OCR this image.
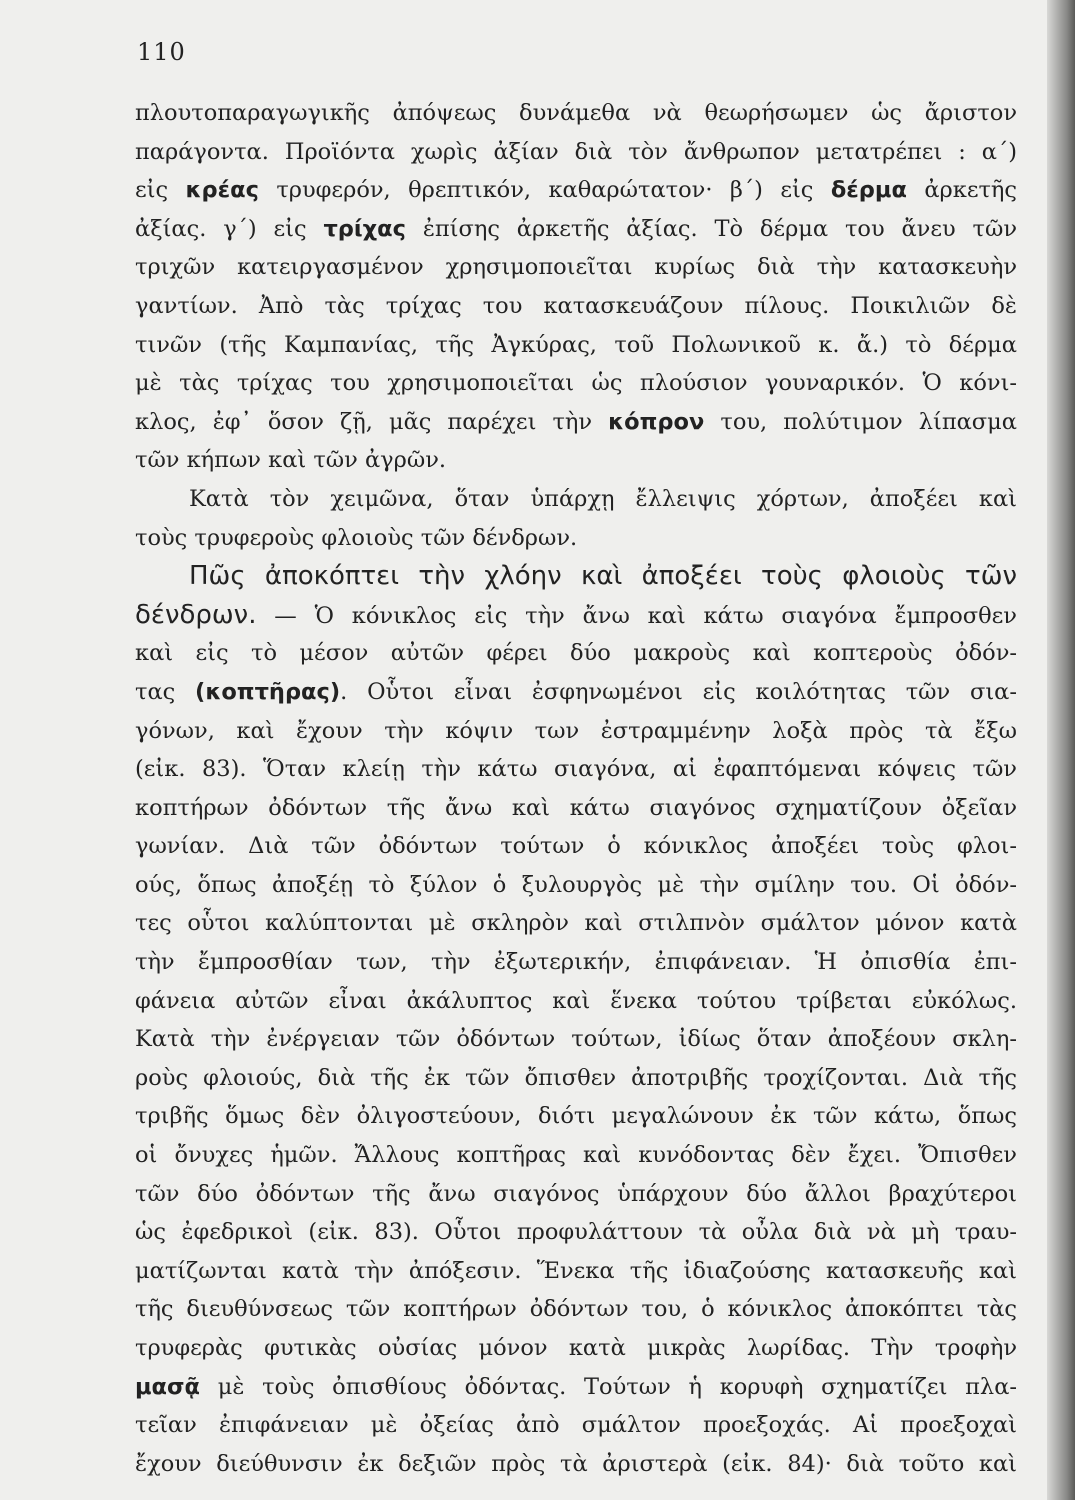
110
πλουτοπαραγωγικῆς ἀπόψεως δυνάμεθα νὰ θεωρήσωμεν ὡς ἄριστον
παράγοντα. Προϊόντα χωρὶς ἀξίαν διὰ τὸν ἄνθρωπον μετατρέπει : α΄)
εἰς κρέας τρυφερόν, θρεπτικόν, καθαρώτατον· β΄) εἰς δέρμα ἀρκετῆς
ἀξίας. γ΄) εἰς τρίχας ἐπίσης ἀρκετῆς ἀξίας. Τὸ δέρμα του ἄνευ τῶν
τριχῶν κατειργασμένον χρησιμοποιεῖται κυρίως διὰ τὴν κατασκευὴν
γαντίων. Ἀπὸ τὰς τρίχας του κατασκευάζουν πίλους. Ποικιλιῶν δὲ
τινῶν (τῆς Καμπανίας, τῆς Ἀγκύρας, τοῦ Πολωνικοῦ κ. ἄ.) τὸ δέρμα
μὲ τὰς τρίχας του χρησιμοποιεῖται ὡς πλούσιον γουναρικόν. Ὁ κόνι-
κλος, ἐφ᾽ ὅσον ζῇ, μᾶς παρέχει τὴν κόπρον του, πολύτιμον λίπασμα
τῶν κήπων καὶ τῶν ἀγρῶν.
Κατὰ τὸν χειμῶνα, ὅταν ὑπάρχῃ ἔλλειψις χόρτων, ἀποξέει καὶ
τοὺς τρυφεροὺς φλοιοὺς τῶν δένδρων.
Πῶς ἀποκόπτει τὴν χλόην καὶ ἀποξέει τοὺς φλοιοὺς τῶν
δένδρων. — Ὁ κόνικλος εἰς τὴν ἄνω καὶ κάτω σιαγόνα ἔμπροσθεν
καὶ εἰς τὸ μέσον αὐτῶν φέρει δύο μακροὺς καὶ κοπτεροὺς ὀδόν-
τας (κοπτῆρας). Οὗτοι εἶναι ἐσφηνωμένοι εἰς κοιλότητας τῶν σια-
γόνων, καὶ ἔχουν τὴν κόψιν των ἐστραμμένην λοξὰ πρὸς τὰ ἔξω
(εἰκ. 83). Ὅταν κλείῃ τὴν κάτω σιαγόνα, αἱ ἐφαπτόμεναι κόψεις τῶν
κοπτήρων ὀδόντων τῆς ἄνω καὶ κάτω σιαγόνος σχηματίζουν ὀξεῖαν
γωνίαν. Διὰ τῶν ὀδόντων τούτων ὁ κόνικλος ἀποξέει τοὺς φλοι-
ούς, ὅπως ἀποξέῃ τὸ ξύλον ὁ ξυλουργὸς μὲ τὴν σμίλην του. Οἱ ὀδόν-
τες οὗτοι καλύπτονται μὲ σκληρὸν καὶ στιλπνὸν σμάλτον μόνον κατὰ
τὴν ἔμπροσθίαν των, τὴν ἐξωτερικήν, ἐπιφάνειαν. Ἡ ὀπισθία ἐπι-
φάνεια αὐτῶν εἶναι ἀκάλυπτος καὶ ἕνεκα τούτου τρίβεται εὐκόλως.
Κατὰ τὴν ἐνέργειαν τῶν ὀδόντων τούτων, ἰδίως ὅταν ἀποξέουν σκλη-
ροὺς φλοιούς, διὰ τῆς ἐκ τῶν ὄπισθεν ἀποτριβῆς τροχίζονται. Διὰ τῆς
τριβῆς ὅμως δὲν ὀλιγοστεύουν, διότι μεγαλώνουν ἐκ τῶν κάτω, ὅπως
οἱ ὄνυχες ἡμῶν. Ἄλλους κοπτῆρας καὶ κυνόδοντας δὲν ἔχει. Ὄπισθεν
τῶν δύο ὀδόντων τῆς ἄνω σιαγόνος ὑπάρχουν δύο ἄλλοι βραχύτεροι
ὡς ἐφεδρικοὶ (εἰκ. 83). Οὗτοι προφυλάττουν τὰ οὖλα διὰ νὰ μὴ τραυ-
ματίζωνται κατὰ τὴν ἀπόξεσιν. Ἕνεκα τῆς ἰδιαζούσης κατασκευῆς καὶ
τῆς διευθύνσεως τῶν κοπτήρων ὀδόντων του, ὁ κόνικλος ἀποκόπτει τὰς
τρυφερὰς φυτικὰς οὐσίας μόνον κατὰ μικρὰς λωρίδας. Τὴν τροφὴν
μασᾷ μὲ τοὺς ὀπισθίους ὀδόντας. Τούτων ἡ κορυφὴ σχηματίζει πλα-
τεῖαν ἐπιφάνειαν μὲ ὀξείας ἀπὸ σμάλτον προεξοχάς. Αἱ προεξοχαὶ
ἔχουν διεύθυνσιν ἐκ δεξιῶν πρὸς τὰ ἀριστερὰ (εἰκ. 84)· διὰ τοῦτο καὶ
